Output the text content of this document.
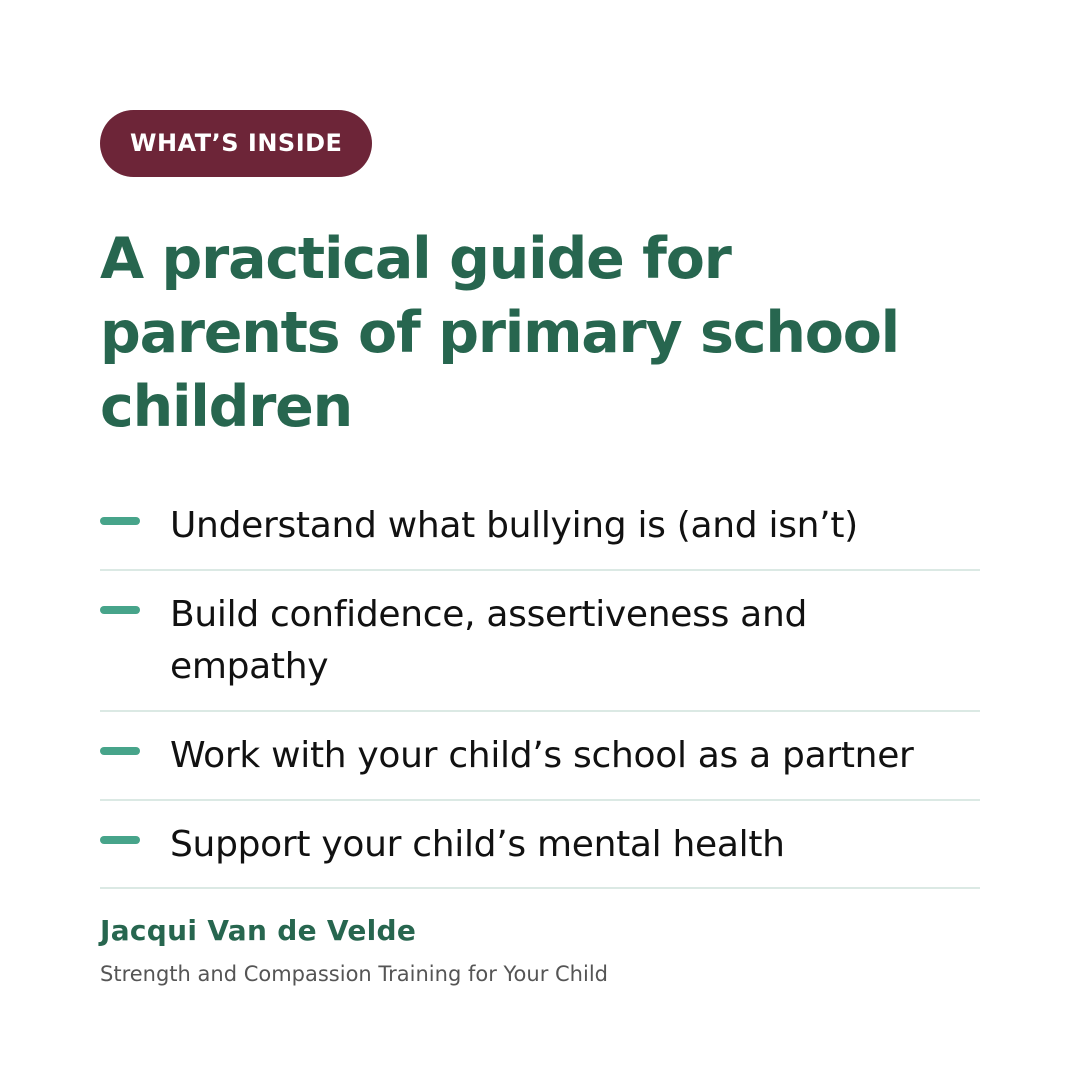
WHAT’S INSIDE
A practical guide for
parents of primary school
children
Understand what bullying is (and isn’t)
Build confidence, assertiveness and
empathy
Work with your child’s school as a partner
Support your child’s mental health
Jacqui Van de Velde
Strength and Compassion Training for Your Child
